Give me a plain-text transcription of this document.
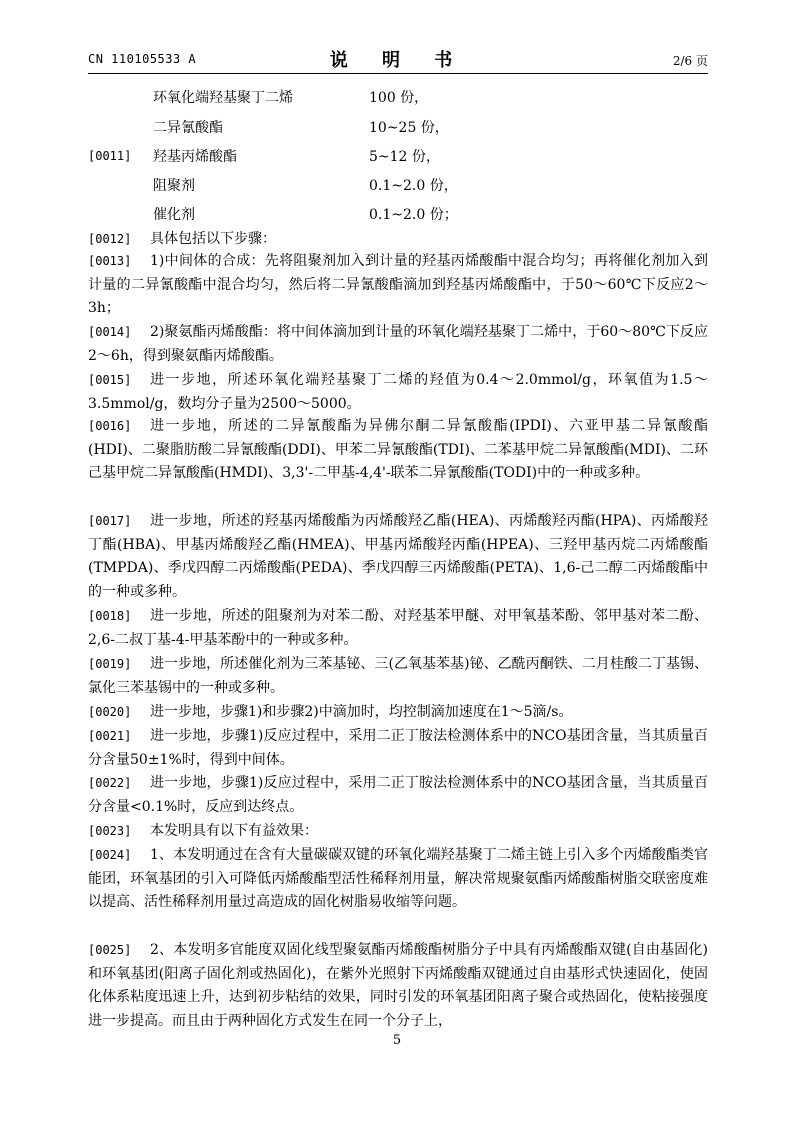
CN 110105533 A	说 明 书	2/6 页
环氧化端羟基聚丁二烯	100 份，
二异氰酸酯	10~25 份，
[0011] 羟基丙烯酸酯	5~12 份，
阻聚剂	0.1~2.0 份，
催化剂	0.1~2.0 份；
[0012]	具体包括以下步骤：
[0013]	1)中间体的合成：先将阻聚剂加入到计量的羟基丙烯酸酯中混合均匀；再将催化剂加入到计量的二异氰酸酯中混合均匀，然后将二异氰酸酯滴加到羟基丙烯酸酯中，于50～60℃下反应2～3h；
[0014]	2)聚氨酯丙烯酸酯：将中间体滴加到计量的环氧化端羟基聚丁二烯中，于60～80℃下反应2～6h，得到聚氨酯丙烯酸酯。
[0015]	进一步地，所述环氧化端羟基聚丁二烯的羟值为0.4～2.0mmol/g，环氧值为1.5～3.5mmol/g，数均分子量为2500～5000。
[0016]	进一步地，所述的二异氰酸酯为异佛尔酮二异氰酸酯(IPDI)、六亚甲基二异氰酸酯(HDI)、二聚脂肪酸二异氰酸酯(DDI)、甲苯二异氰酸酯(TDI)、二苯基甲烷二异氰酸酯(MDI)、二环己基甲烷二异氰酸酯(HMDI)、3,3'-二甲基-4,4'-联苯二异氰酸酯(TODI)中的一种或多种。
[0017]	进一步地，所述的羟基丙烯酸酯为丙烯酸羟乙酯(HEA)、丙烯酸羟丙酯(HPA)、丙烯酸羟丁酯(HBA)、甲基丙烯酸羟乙酯(HMEA)、甲基丙烯酸羟丙酯(HPEA)、三羟甲基丙烷二丙烯酸酯(TMPDA)、季戊四醇二丙烯酸酯(PEDA)、季戊四醇三丙烯酸酯(PETA)、1,6-己二醇二丙烯酸酯中的一种或多种。
[0018]	进一步地，所述的阻聚剂为对苯二酚、对羟基苯甲醚、对甲氧基苯酚、邻甲基对苯二酚、2,6-二叔丁基-4-甲基苯酚中的一种或多种。
[0019]	进一步地，所述催化剂为三苯基铋、三(乙氧基苯基)铋、乙酰丙酮铁、二月桂酸二丁基锡、氯化三苯基锡中的一种或多种。
[0020]	进一步地，步骤1)和步骤2)中滴加时，均控制滴加速度在1～5滴/s。
[0021]	进一步地，步骤1)反应过程中，采用二正丁胺法检测体系中的NCO基团含量，当其质量百分含量50±1%时，得到中间体。
[0022]	进一步地，步骤1)反应过程中，采用二正丁胺法检测体系中的NCO基团含量，当其质量百分含量<0.1%时，反应到达终点。
[0023]	本发明具有以下有益效果：
[0024]	1、本发明通过在含有大量碳碳双键的环氧化端羟基聚丁二烯主链上引入多个丙烯酸酯类官能团，环氧基团的引入可降低丙烯酸酯型活性稀释剂用量，解决常规聚氨酯丙烯酸酯树脂交联密度难以提高、活性稀释剂用量过高造成的固化树脂易收缩等问题。
[0025]	2、本发明多官能度双固化线型聚氨酯丙烯酸酯树脂分子中具有丙烯酸酯双键(自由基固化)和环氧基团(阳离子固化剂或热固化)，在紫外光照射下丙烯酸酯双键通过自由基形式快速固化，使固化体系粘度迅速上升，达到初步粘结的效果，同时引发的环氧基团阳离子聚合或热固化，使粘接强度进一步提高。而且由于两种固化方式发生在同一个分子上，
5
